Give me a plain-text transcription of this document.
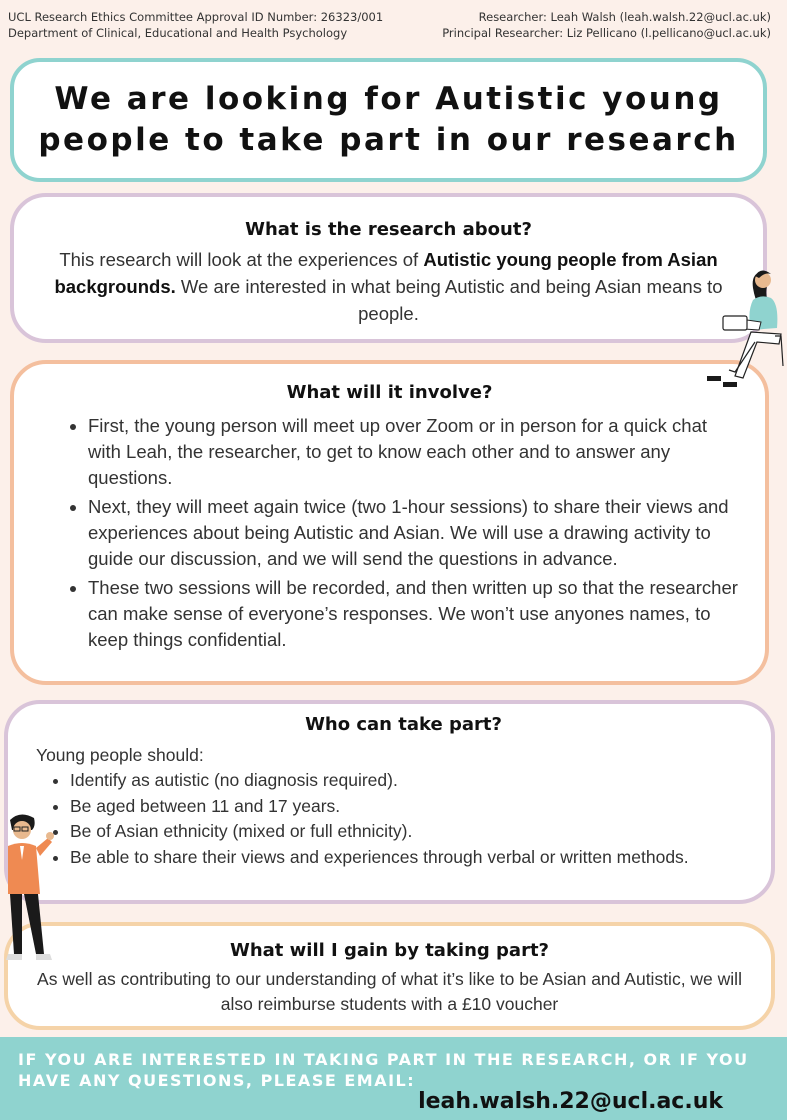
UCL Research Ethics Committee Approval ID Number: 26323/001
Department of Clinical, Educational and Health Psychology
Researcher: Leah Walsh (leah.walsh.22@ucl.ac.uk)
Principal Researcher: Liz Pellicano (l.pellicano@ucl.ac.uk)
We are looking for Autistic young
people to take part in our research
What is the research about?

This research will look at the experiences of Autistic young people from Asian backgrounds. We are interested in what being Autistic and being Asian means to people.

What will it involve?
• First, the young person will meet up over Zoom or in person for a quick chat with Leah, the researcher, to get to know each other and to answer any questions.
• Next, they will meet again twice (two 1-hour sessions) to share their views and experiences about being Autistic and Asian. We will use a drawing activity to guide our discussion, and we will send the questions in advance.
• These two sessions will be recorded, and then written up so that the researcher can make sense of everyone’s responses. We won’t use anyones names, to keep things confidential.
Who can take part?

Young people should:

• Identify as autistic (no diagnosis required).
• Be aged between 11 and 17 years.
• Be of Asian ethnicity (mixed or full ethnicity).
• Be able to share their views and experiences through verbal or written methods.
What will I gain by taking part?

As well as contributing to our understanding of what it’s like to be Asian and Autistic, we will also reimburse students with a £10 voucher

IF YOU ARE INTERESTED IN TAKING PART IN THE RESEARCH, OR IF YOU HAVE ANY QUESTIONS, PLEASE EMAIL:
leah.walsh.22@ucl.ac.uk
